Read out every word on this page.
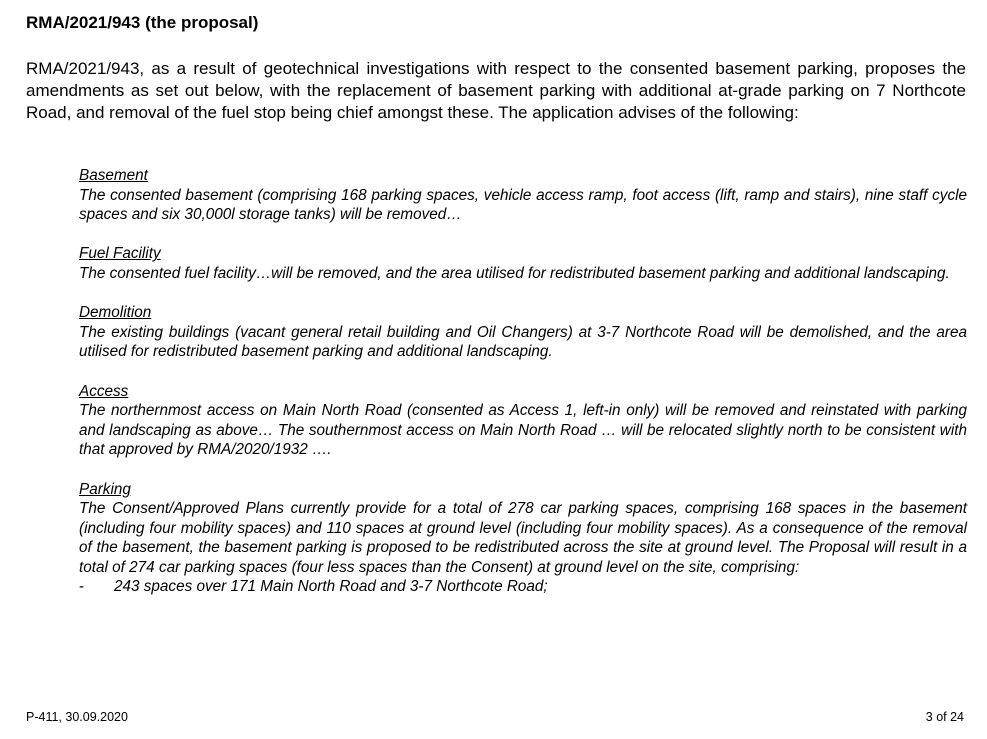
RMA/2021/943 (the proposal)

RMA/2021/943, as a result of geotechnical investigations with respect to the consented basement parking, proposes the amendments as set out below, with the replacement of basement parking with additional at-grade parking on 7 Northcote Road, and removal of the fuel stop being chief amongst these. The application advises of the following:

Basement
The consented basement (comprising 168 parking spaces, vehicle access ramp, foot access (lift, ramp and stairs), nine staff cycle spaces and six 30,000l storage tanks) will be removed…
Fuel Facility
The consented fuel facility…will be removed, and the area utilised for redistributed basement parking and additional landscaping.
Demolition
The existing buildings (vacant general retail building and Oil Changers) at 3-7 Northcote Road will be demolished, and the area utilised for redistributed basement parking and additional landscaping.
Access
The northernmost access on Main North Road (consented as Access 1, left-in only) will be removed and reinstated with parking and landscaping as above… The southernmost access on Main North Road … will be relocated slightly north to be consistent with that approved by RMA/2020/1932 ….
Parking
The Consent/Approved Plans currently provide for a total of 278 car parking spaces, comprising 168 spaces in the basement (including four mobility spaces) and 110 spaces at ground level (including four mobility spaces). As a consequence of the removal of the basement, the basement parking is proposed to be redistributed across the site at ground level. The Proposal will result in a total of 274 car parking spaces (four less spaces than the Consent) at ground level on the site, comprising:
-	243 spaces over 171 Main North Road and 3-7 Northcote Road;
P-411, 30.09.2020	3 of 24
